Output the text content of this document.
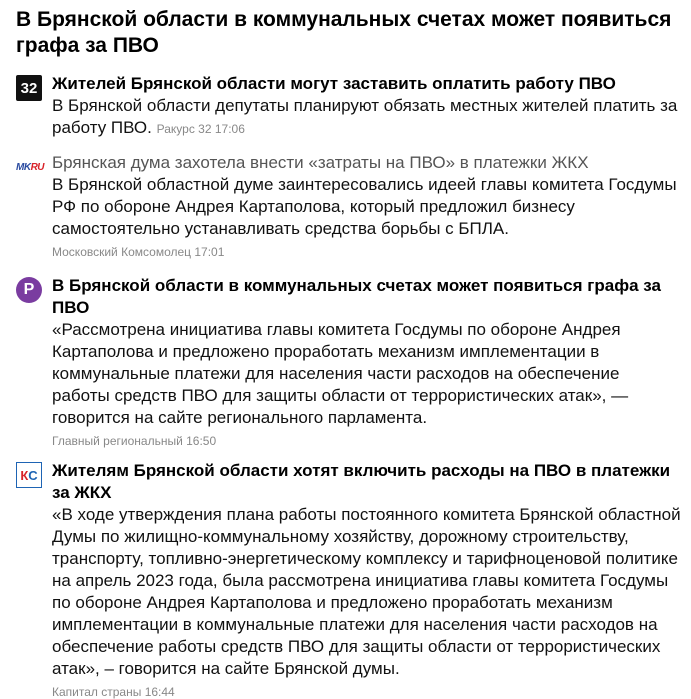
В Брянской области в коммунальных счетах может появиться графа за ПВО
32 Жителей Брянской области могут заставить оплатить работу ПВО

В Брянской области депутаты планируют обязать местных жителей платить за работу ПВО. Ракурс 32 17:06

MK RU Брянская дума захотела внести «затраты на ПВО» в платежки ЖКХ

В Брянской областной думе заинтересовались идеей главы комитета Госдумы РФ по обороне Андрея Картаполова, который предложил бизнесу самостоятельно устанавливать средства борьбы с БПЛА. Московский Комсомолец 17:01

Р	В Брянской области в коммунальных счетах может появиться графа за ПВО

«Рассмотрена инициатива главы комитета Госдумы по обороне Андрея Картаполова и предложено проработать механизм имплементации в коммунальные платежи для населения части расходов на обеспечение работы средств ПВО для защиты области от террористических атак», — говорится на сайте регионального парламента.

Главный региональный 16:50
К С Жителям Брянской области хотят включить расходы на ПВО в платежки за ЖКХ

«В ходе утверждения плана работы постоянного комитета Брянской областной Думы по жилищно-коммунальному хозяйству, дорожному строительству, транспорту, топливно-энергетическому комплексу и тарифноценовой политике на апрель 2023 года, была рассмотрена инициатива главы комитета Госдумы по обороне Андрея Картаполова и предложено проработать механизм имплементации в коммунальные платежи для населения части расходов на обеспечение работы средств ПВО для защиты области от террористических атак», – говорится на сайте Брянской думы.

Капитал страны 16:44
